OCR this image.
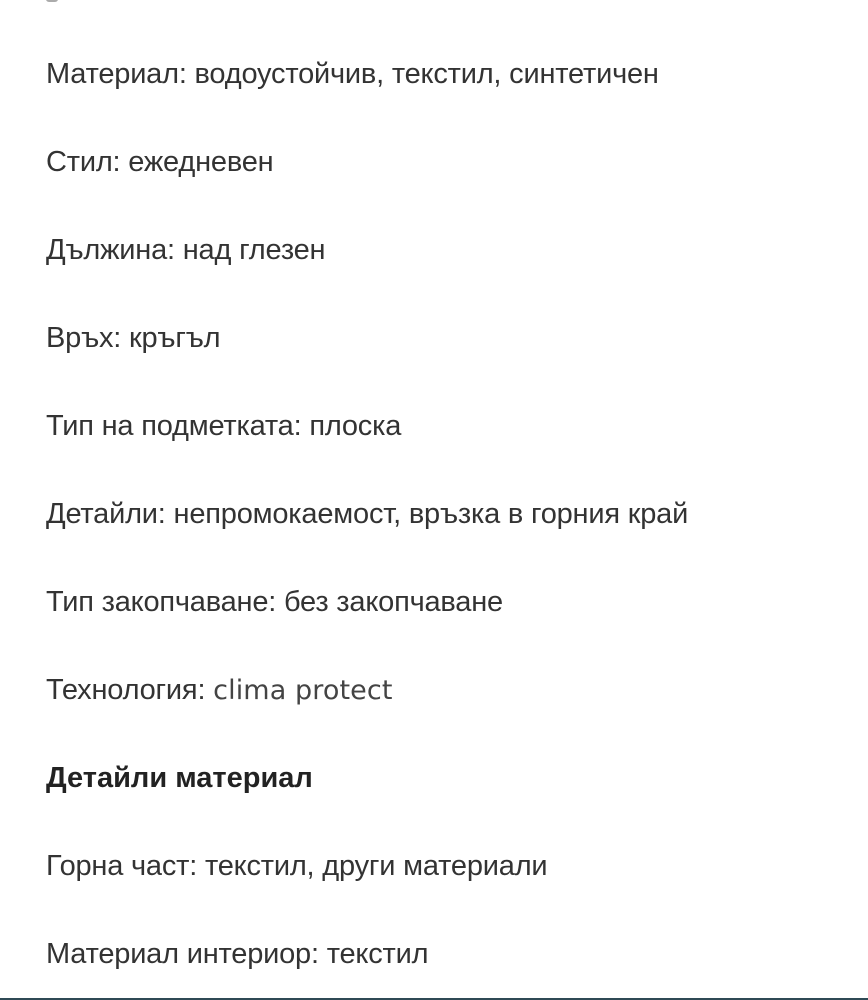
Материал: водоустойчив, текстил, синтетичен
Стил: ежедневен
Дължина: над глезен
Връх: кръгъл
Тип на подметката: плоска
Детайли: непромокаемост, връзка в горния край
Тип закопчаване: без закопчаване
Технология: clima protect
Детайли материал
Горна част: текстил, други материали
Материал интериор: текстил
